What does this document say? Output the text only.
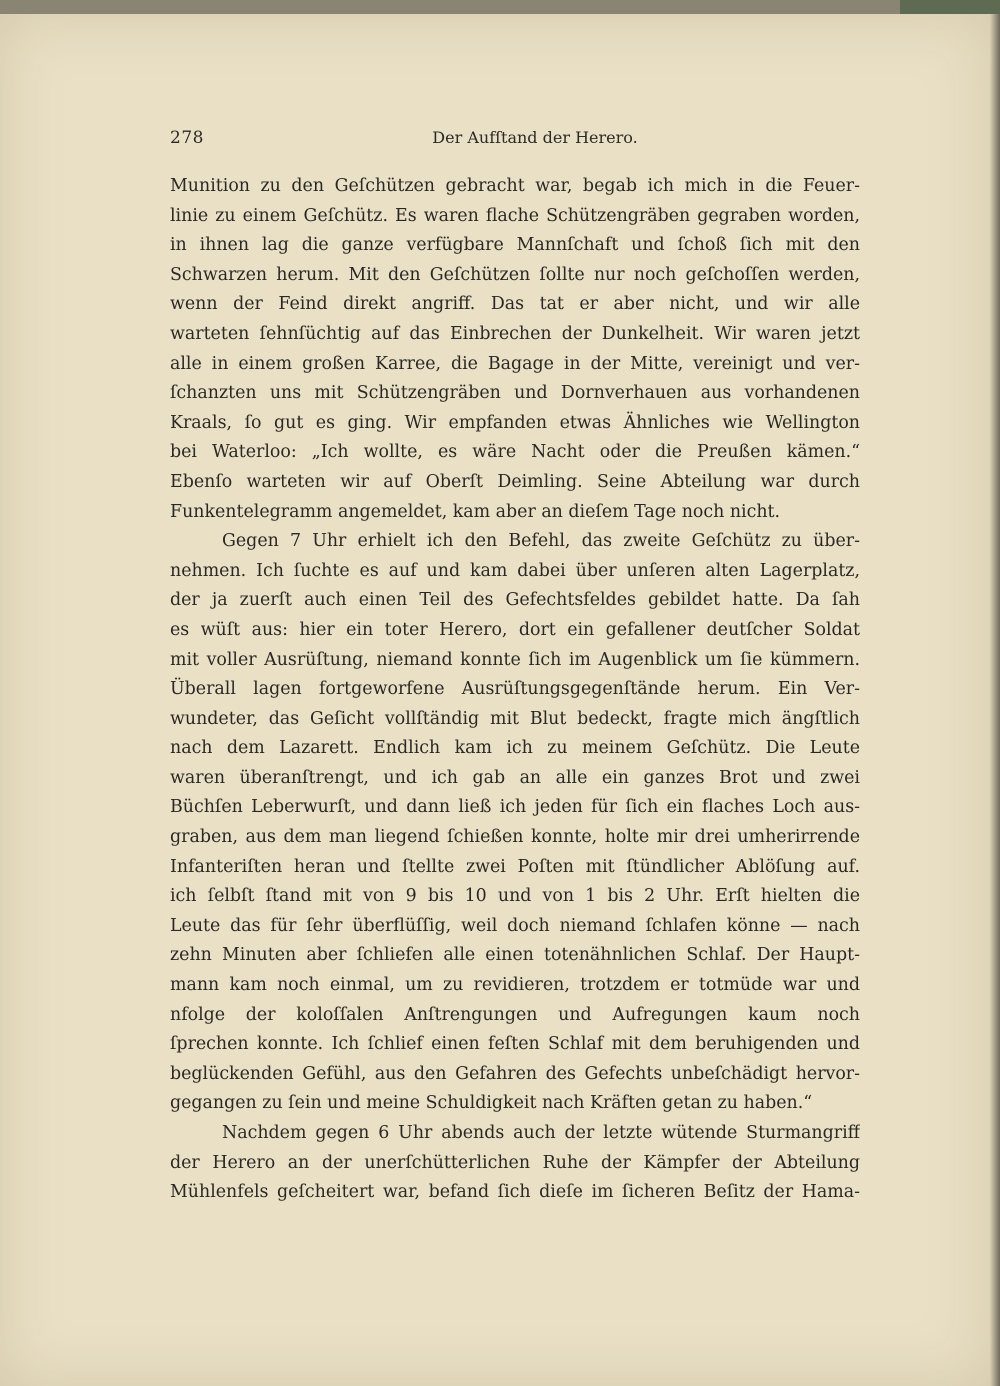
278	Der Aufſtand der Herero.
Munition zu den Geſchützen gebracht war, begab ich mich in die Feuer-
linie zu einem Geſchütz. Es waren flache Schützengräben gegraben worden,
in ihnen lag die ganze verfügbare Mannſchaft und ſchoß ſich mit den
Schwarzen herum. Mit den Geſchützen ſollte nur noch geſchoſſen werden,
wenn der Feind direkt angriff. Das tat er aber nicht, und wir alle
warteten ſehnſüchtig auf das Einbrechen der Dunkelheit. Wir waren jetzt
alle in einem großen Karree, die Bagage in der Mitte, vereinigt und ver-
ſchanzten uns mit Schützengräben und Dornverhauen aus vorhandenen
Kraals, ſo gut es ging. Wir empfanden etwas Ähnliches wie Wellington
bei Waterloo: „Ich wollte, es wäre Nacht oder die Preußen kämen.“
Ebenſo warteten wir auf Oberſt Deimling. Seine Abteilung war durch
Funkentelegramm angemeldet, kam aber an dieſem Tage noch nicht.
Gegen 7 Uhr erhielt ich den Befehl, das zweite Geſchütz zu über-
nehmen. Ich ſuchte es auf und kam dabei über unſeren alten Lagerplatz,
der ja zuerſt auch einen Teil des Gefechtsfeldes gebildet hatte. Da ſah
es wüſt aus: hier ein toter Herero, dort ein gefallener deutſcher Soldat
mit voller Ausrüſtung, niemand konnte ſich im Augenblick um ſie kümmern.
Überall lagen fortgeworfene Ausrüſtungsgegenſtände herum. Ein Ver-
wundeter, das Geſicht vollſtändig mit Blut bedeckt, fragte mich ängſtlich
nach dem Lazarett. Endlich kam ich zu meinem Geſchütz. Die Leute
waren überanſtrengt, und ich gab an alle ein ganzes Brot und zwei
Büchſen Leberwurſt, und dann ließ ich jeden für ſich ein flaches Loch aus-
graben, aus dem man liegend ſchießen konnte, holte mir drei umherirrende
Infanteriſten heran und ſtellte zwei Poſten mit ſtündlicher Ablöſung auf.
ich ſelbſt ſtand mit von 9 bis 10 und von 1 bis 2 Uhr. Erſt hielten die
Leute das für ſehr überflüſſig, weil doch niemand ſchlafen könne — nach
zehn Minuten aber ſchliefen alle einen totenähnlichen Schlaf. Der Haupt-
mann kam noch einmal, um zu revidieren, trotzdem er totmüde war und
nfolge der koloſſalen Anſtrengungen und Aufregungen kaum noch
ſprechen konnte. Ich ſchlief einen feſten Schlaf mit dem beruhigenden und
beglückenden Gefühl, aus den Gefahren des Gefechts unbeſchädigt hervor-
gegangen zu ſein und meine Schuldigkeit nach Kräften getan zu haben.“
Nachdem gegen 6 Uhr abends auch der letzte wütende Sturmangriff
der Herero an der unerſchütterlichen Ruhe der Kämpfer der Abteilung
Mühlenfels geſcheitert war, befand ſich dieſe im ſicheren Beſitz der Hama-
